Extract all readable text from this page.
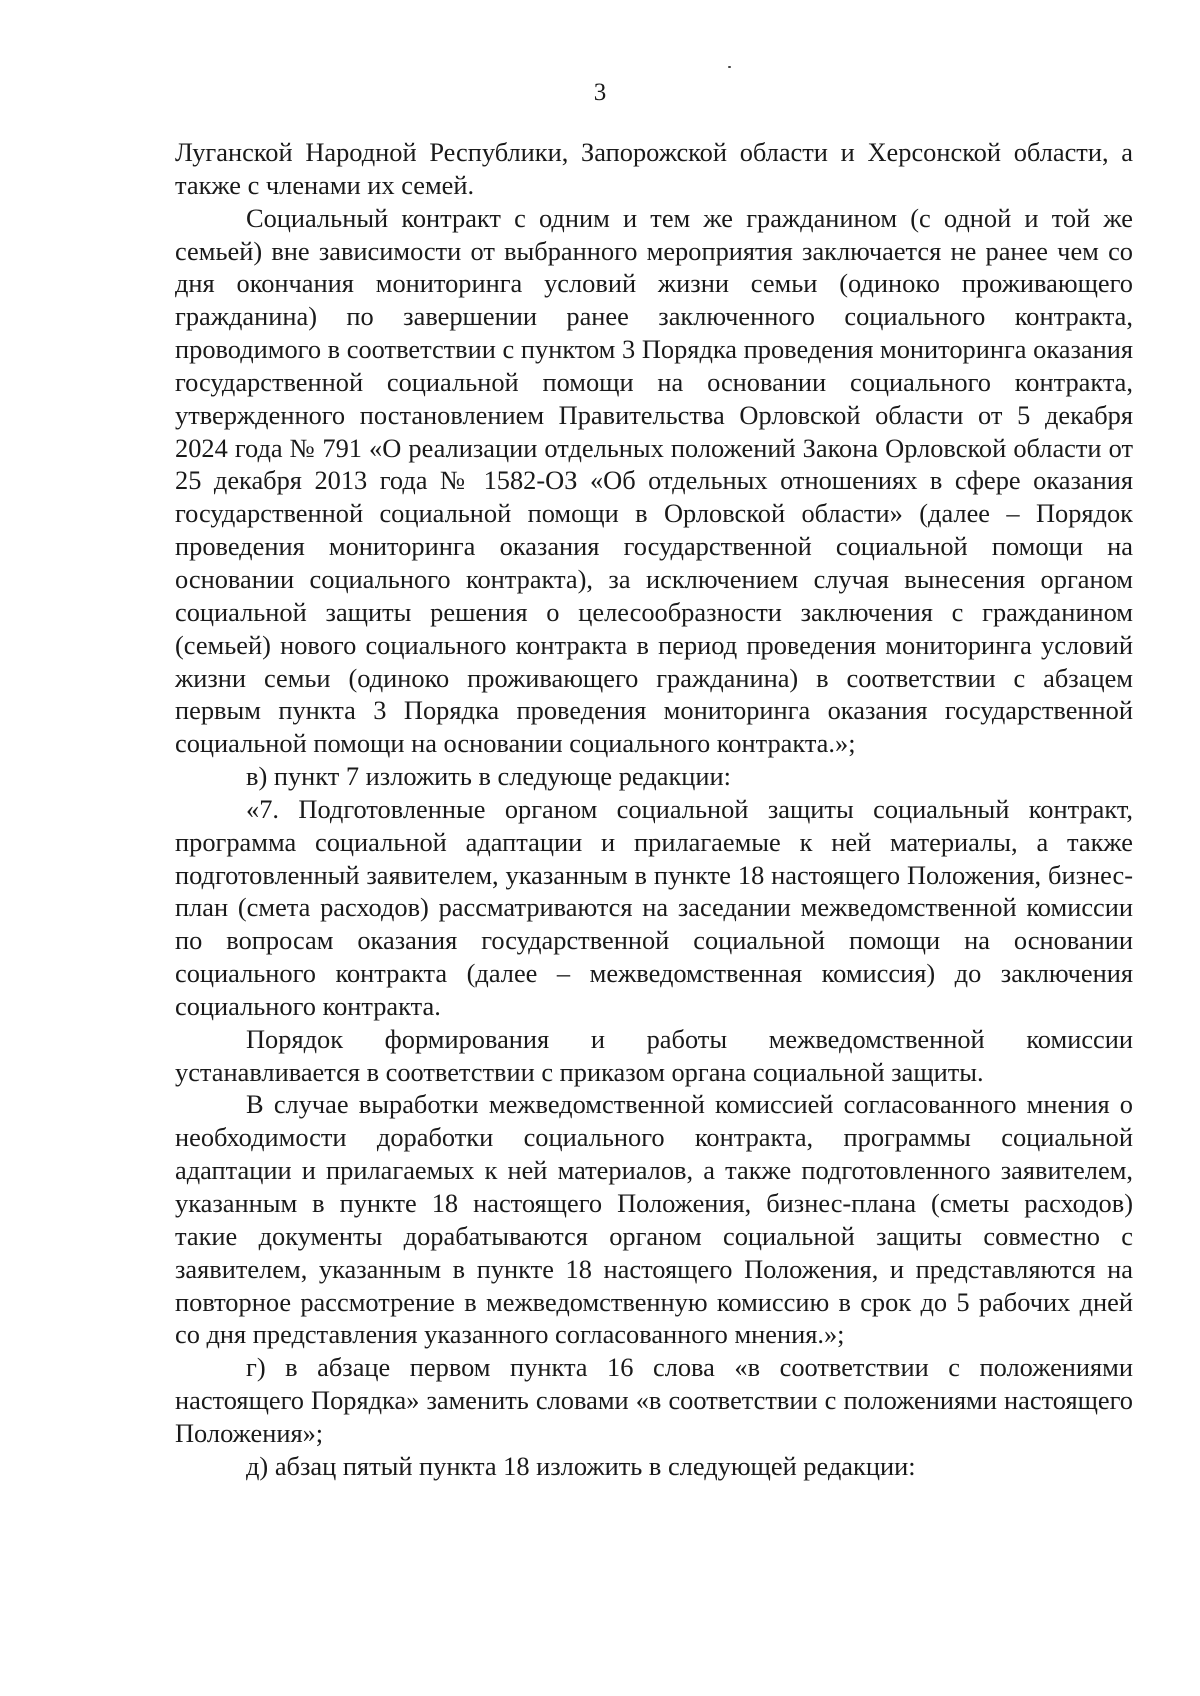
3

Луганской Народной Республики, Запорожской области и Херсонской области, а также с членами их семей.

Социальный контракт с одним и тем же гражданином (с одной и той же семьей) вне зависимости от выбранного мероприятия заключается не ранее чем со дня окончания мониторинга условий жизни семьи (одиноко проживающего гражданина) по завершении ранее заключенного социального контракта, проводимого в соответствии с пунктом 3 Порядка проведения мониторинга оказания государственной социальной помощи на основании социального контракта, утвержденного постановлением Правительства Орловской области от 5 декабря 2024 года № 791 «О реализации отдельных положений Закона Орловской области от 25 декабря 2013 года № 1582-ОЗ «Об отдельных отношениях в сфере оказания государственной социальной помощи в Орловской области» (далее – Порядок проведения мониторинга оказания государственной социальной помощи на основании социального контракта), за исключением случая вынесения органом социальной защиты решения о целесообразности заключения с гражданином (семьей) нового социального контракта в период проведения мониторинга условий жизни семьи (одиноко проживающего гражданина) в соответствии с абзацем первым пункта 3 Порядка проведения мониторинга оказания государственной социальной помощи на основании социального контракта.»;

в) пункт 7 изложить в следующе редакции:

«7. Подготовленные органом социальной защиты социальный контракт, программа социальной адаптации и прилагаемые к ней материалы, а также подготовленный заявителем, указанным в пункте 18 настоящего Положения, бизнес-план (смета расходов) рассматриваются на заседании межведомственной комиссии по вопросам оказания государственной социальной помощи на основании социального контракта (далее – межведомственная комиссия) до заключения социального контракта.

Порядок формирования и работы межведомственной комиссии устанавливается в соответствии с приказом органа социальной защиты.

В случае выработки межведомственной комиссией согласованного мнения о необходимости доработки социального контракта, программы социальной адаптации и прилагаемых к ней материалов, а также подготовленного заявителем, указанным в пункте 18 настоящего Положения, бизнес-плана (сметы расходов) такие документы дорабатываются органом социальной защиты совместно с заявителем, указанным в пункте 18 настоящего Положения, и представляются на повторное рассмотрение в межведомственную комиссию в срок до 5 рабочих дней со дня представления указанного согласованного мнения.»;

г) в абзаце первом пункта 16 слова «в соответствии с положениями настоящего Порядка» заменить словами «в соответствии с положениями настоящего Положения»;

д) абзац пятый пункта 18 изложить в следующей редакции:
